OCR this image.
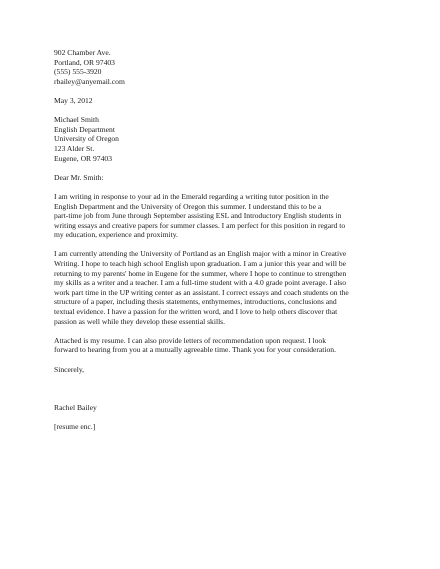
902 Chamber Ave.
Portland, OR 97403
(555) 555-3920
rbailey@anyemail.com
May 3, 2012
Michael Smith
English Department
University of Oregon
123 Alder St.
Eugene, OR 97403
Dear Mr. Smith:
I am writing in response to your ad in the Emerald regarding a writing tutor position in the
English Department and the University of Oregon this summer. I understand this to be a
part-time job from June through September assisting ESL and Introductory English students in
writing essays and creative papers for summer classes. I am perfect for this position in regard to
my education, experience and proximity.
I am currently attending the University of Portland as an English major with a minor in Creative
Writing. I hope to teach high school English upon graduation. I am a junior this year and will be
returning to my parents' home in Eugene for the summer, where I hope to continue to strengthen
my skills as a writer and a teacher. I am a full-time student with a 4.0 grade point average. I also
work part time in the UP writing center as an assistant. I correct essays and coach students on the
structure of a paper, including thesis statements, enthymemes, introductions, conclusions and
textual evidence. I have a passion for the written word, and I love to help others discover that
passion as well while they develop these essential skills.
Attached is my resume. I can also provide letters of recommendation upon request. I look
forward to hearing from you at a mutually agreeable time. Thank you for your consideration.
Sincerely,
Rachel Bailey
[resume enc.]
